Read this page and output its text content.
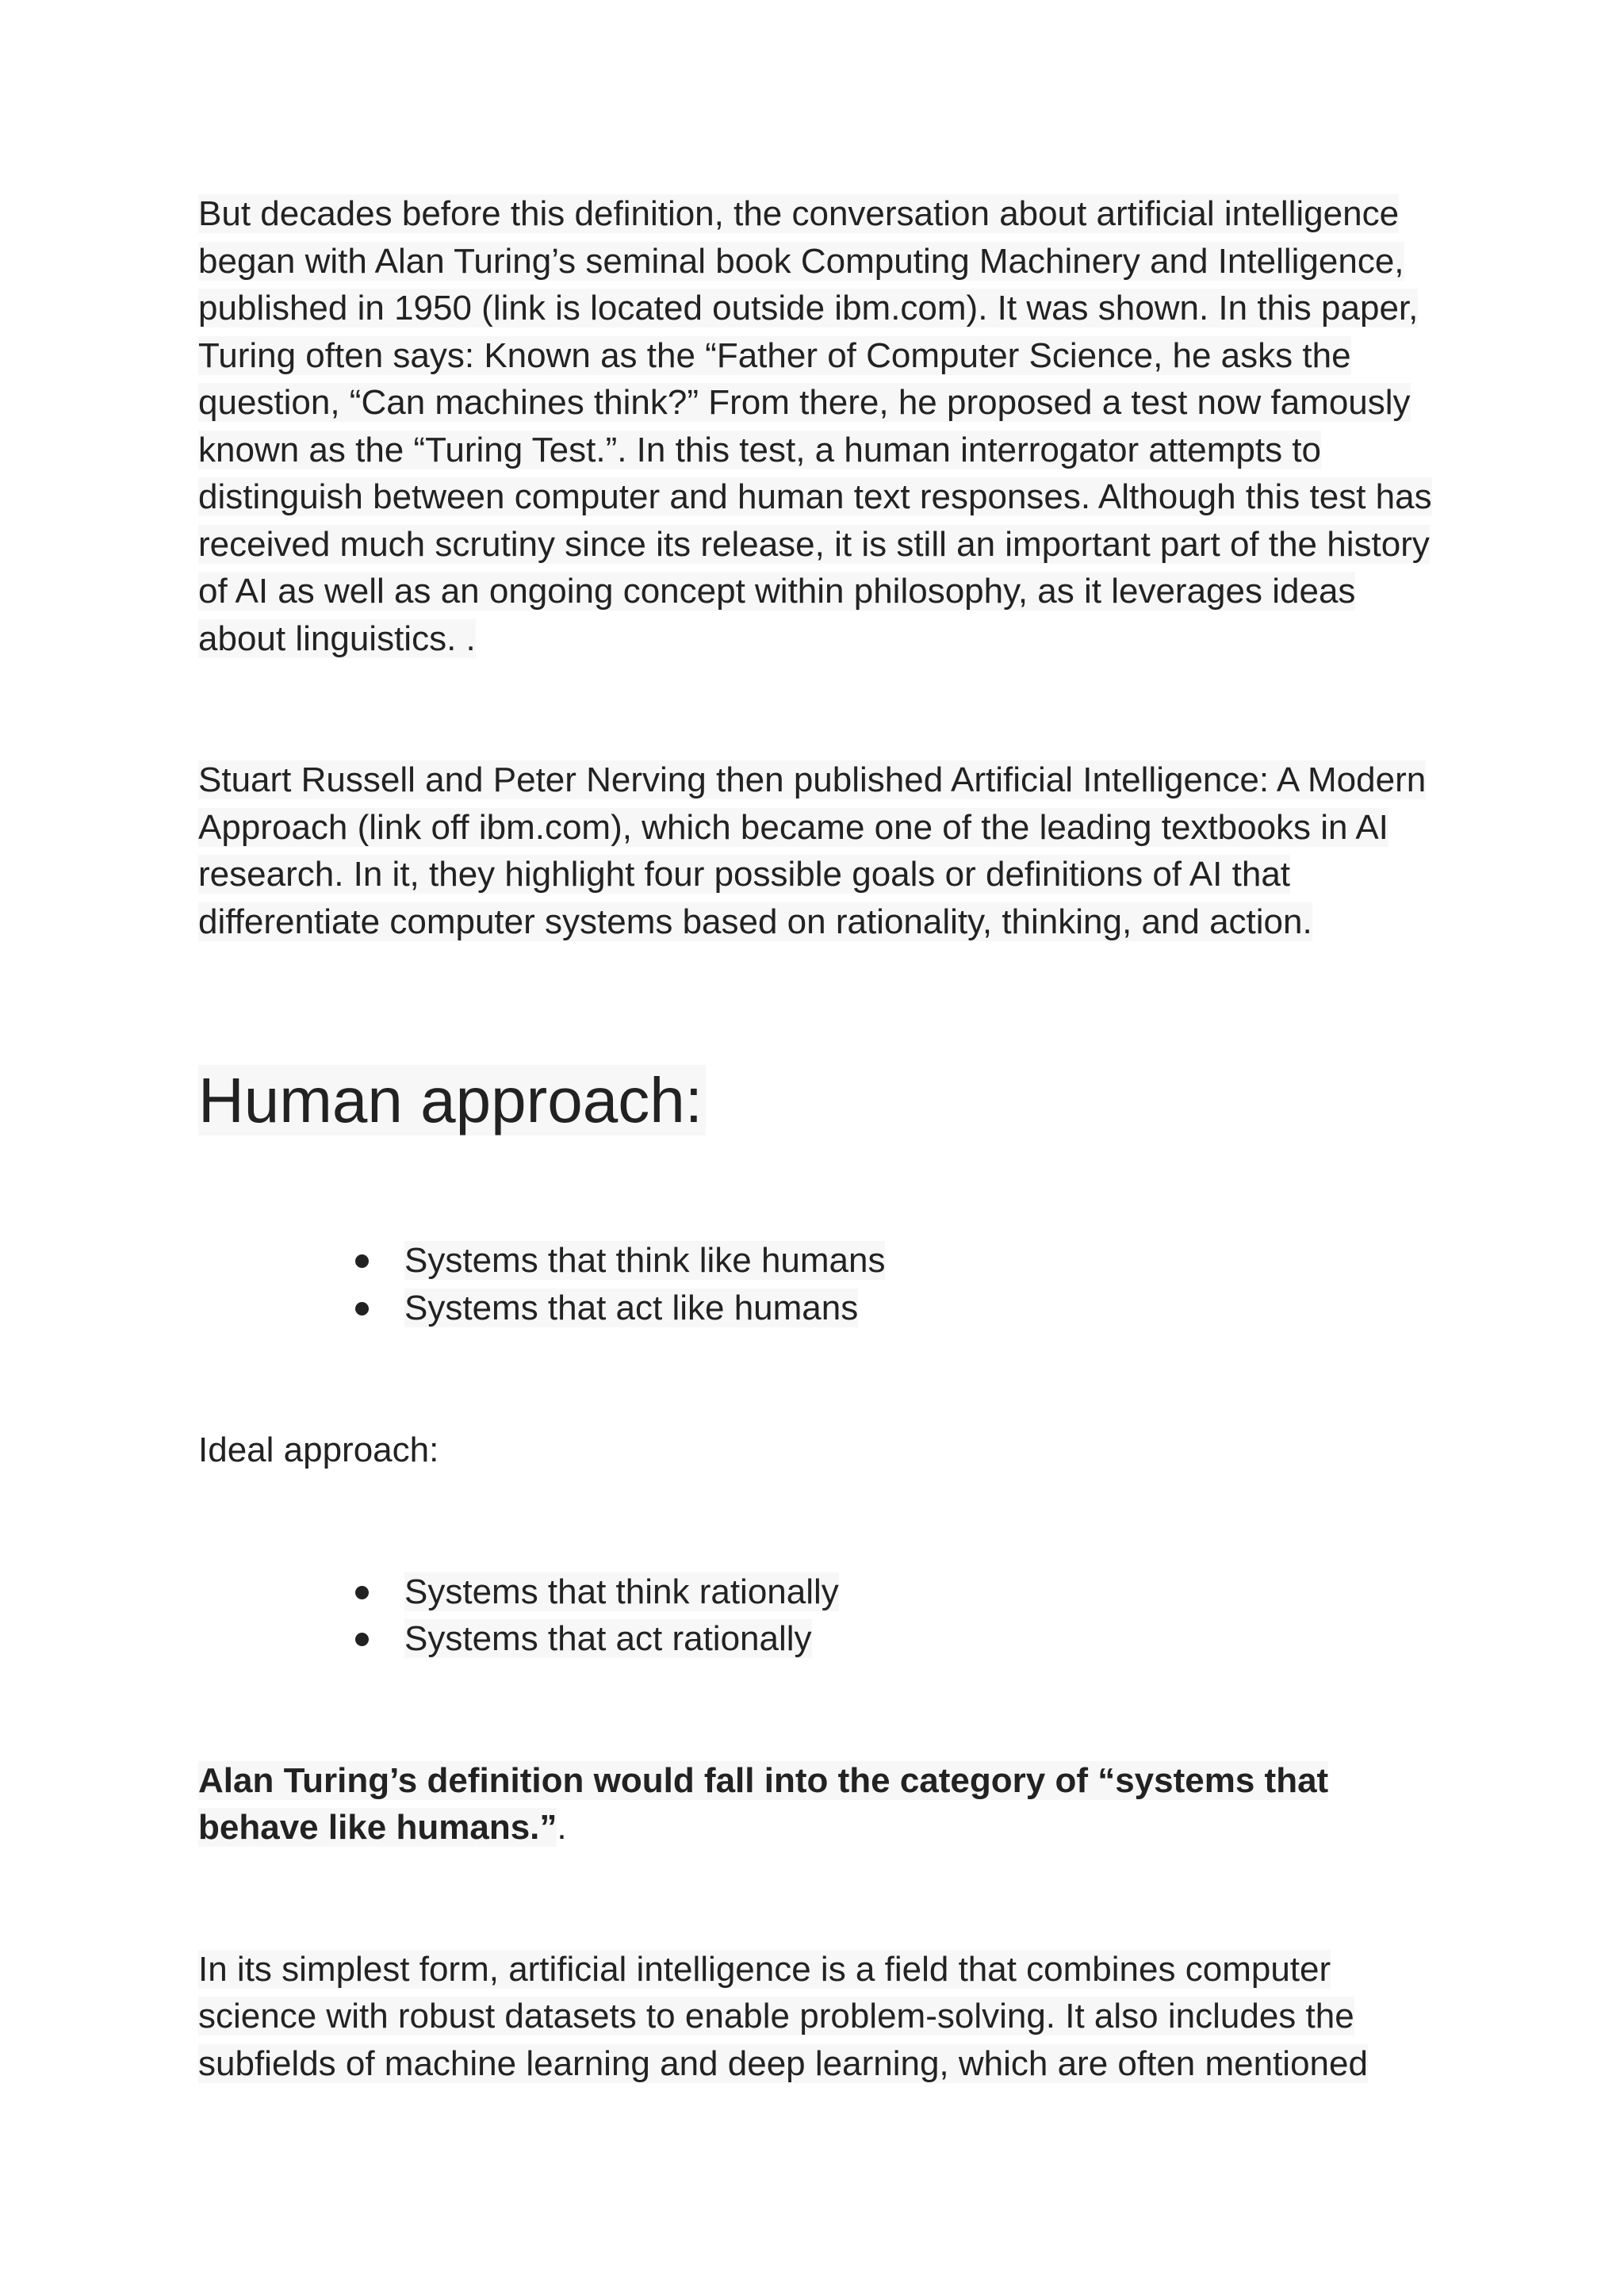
But decades before this definition, the conversation about artificial intelligence began with Alan Turing’s seminal book Computing Machinery and Intelligence, published in 1950 (link is located outside ibm.com). It was shown. In this paper, Turing often says: Known as the “Father of Computer Science, he asks the question, “Can machines think?” From there, he proposed a test now famously known as the “Turing Test.”. In this test, a human interrogator attempts to distinguish between computer and human text responses. Although this test has received much scrutiny since its release, it is still an important part of the history of AI as well as an ongoing concept within philosophy, as it leverages ideas about linguistics. .

Stuart Russell and Peter Nerving then published Artificial Intelligence: A Modern Approach (link off ibm.com), which became one of the leading textbooks in AI research. In it, they highlight four possible goals or definitions of AI that differentiate computer systems based on rationality, thinking, and action.

Human approach:
Systems that think like humans
Systems that act like humans

Ideal approach:

Systems that think rationally
Systems that act rationally

Alan Turing’s definition would fall into the category of “systems that behave like humans.”.

In its simplest form, artificial intelligence is a field that combines computer science with robust datasets to enable problem-solving. It also includes the subfields of machine learning and deep learning, which are often mentioned
